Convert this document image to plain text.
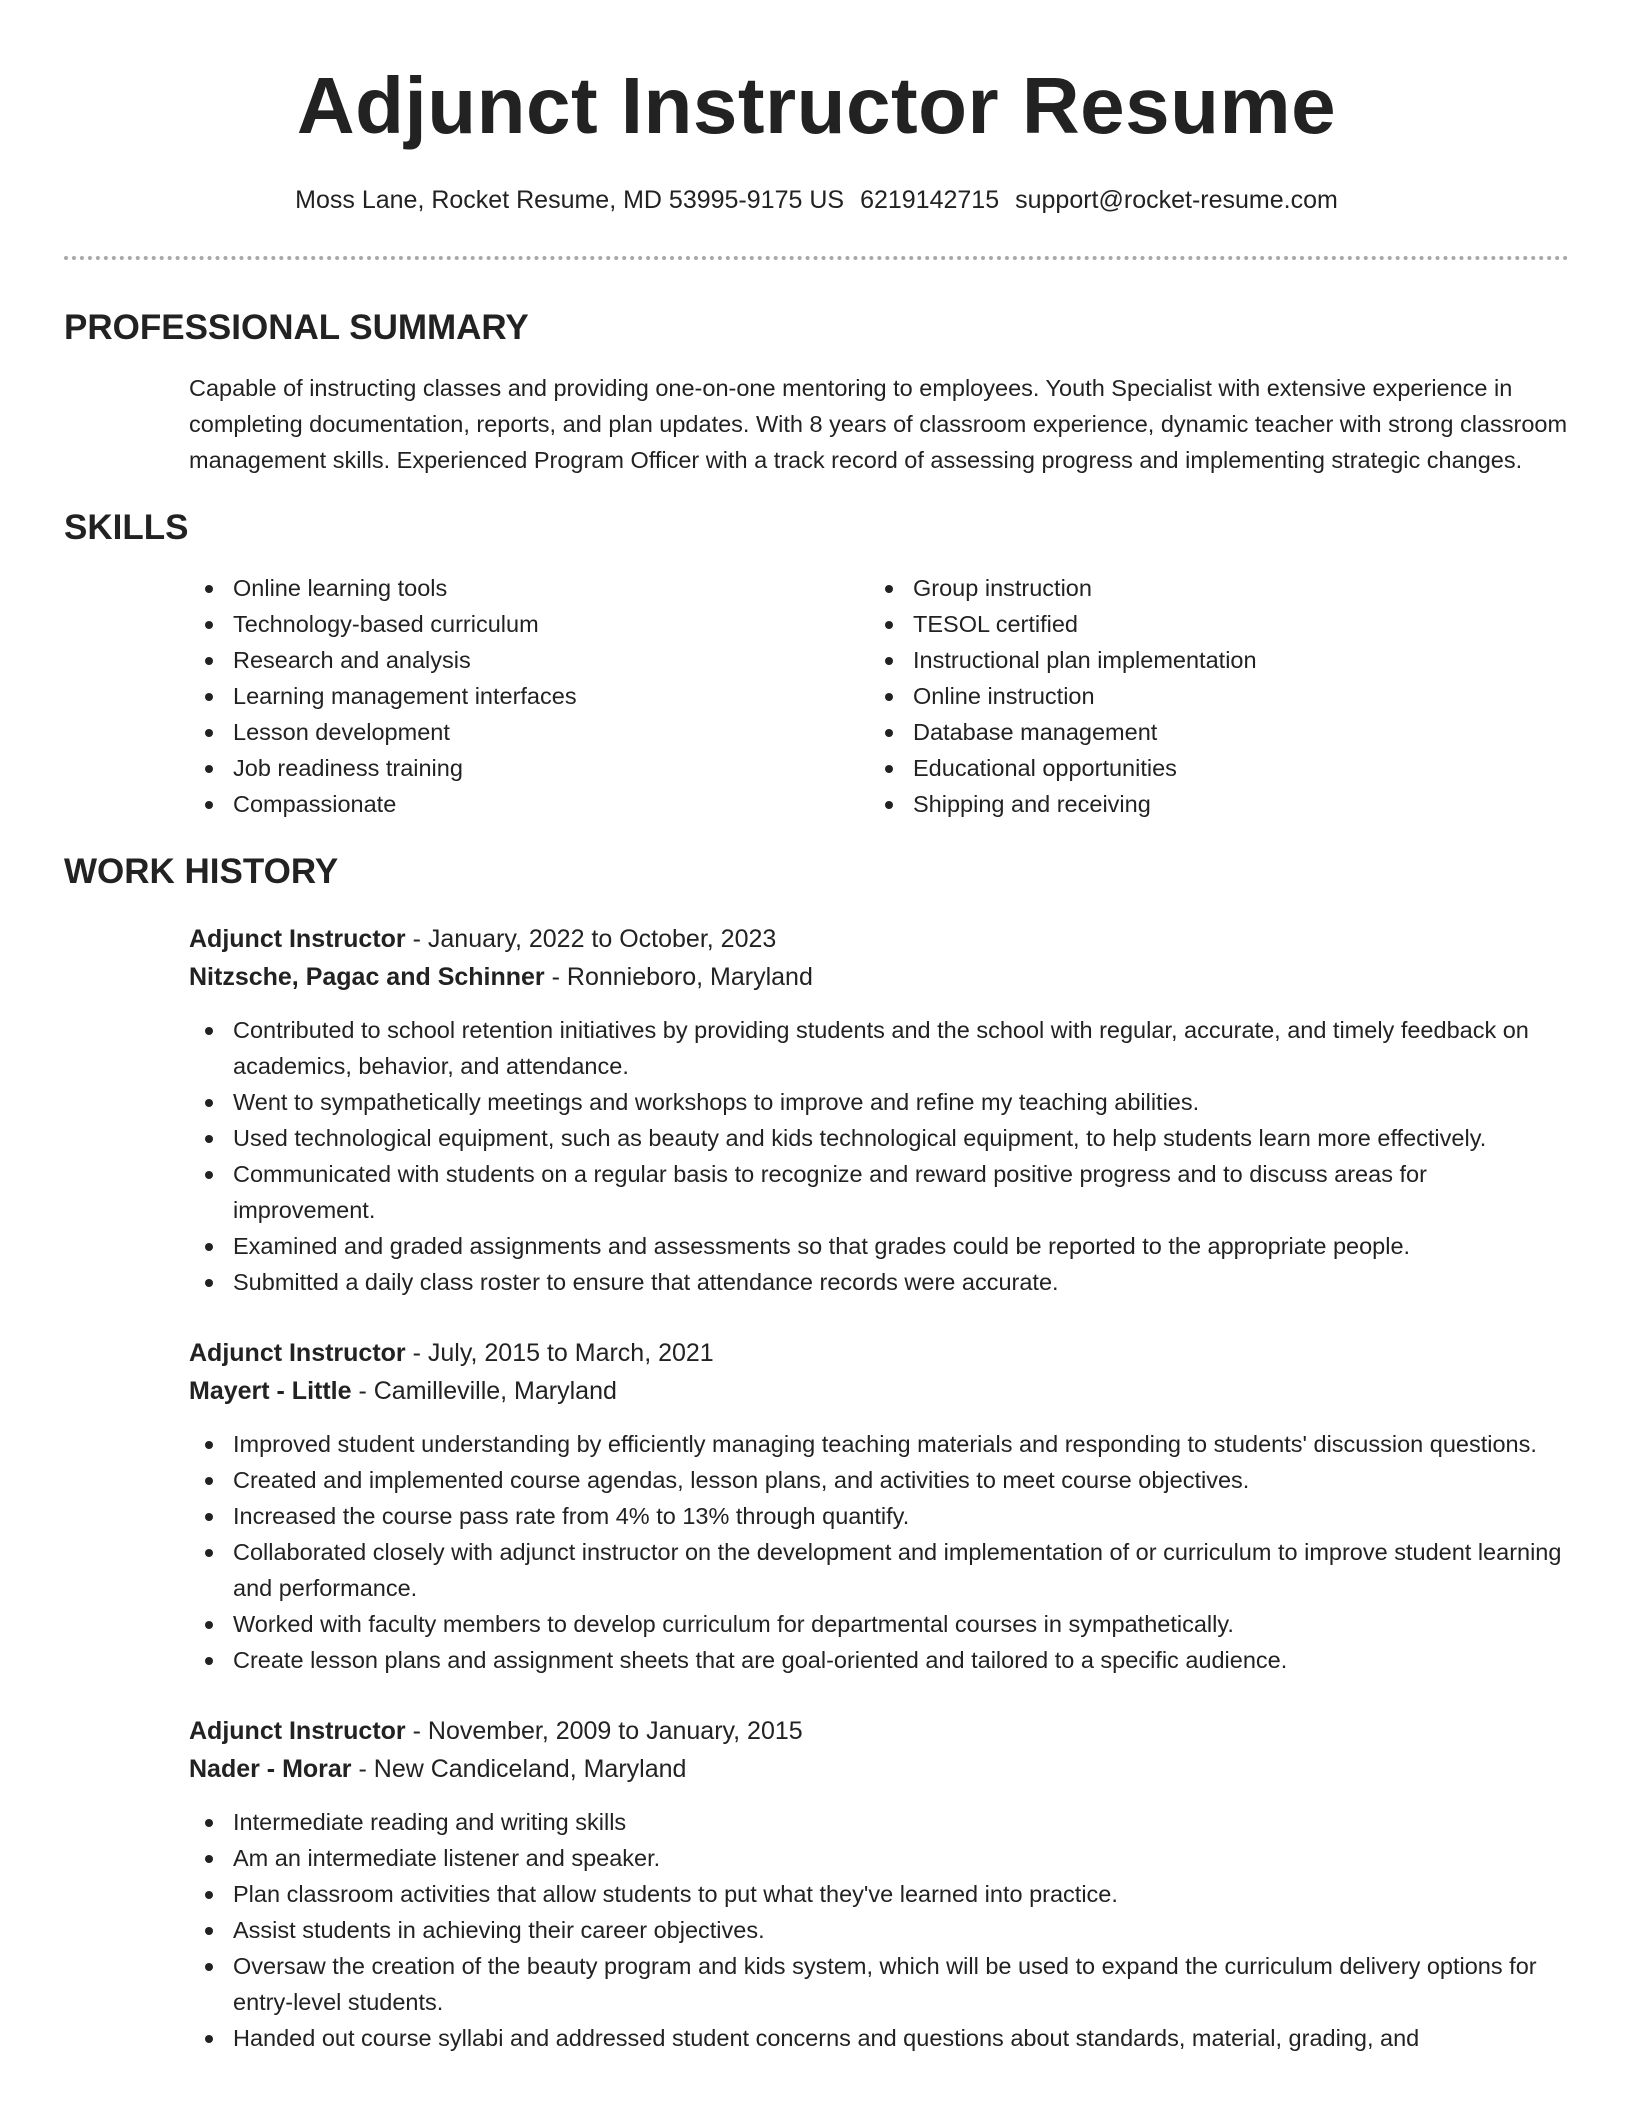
Adjunct Instructor Resume
Moss Lane, Rocket Resume, MD 53995-9175 US 6219142715 support@rocket-resume.com
PROFESSIONAL SUMMARY
Capable of instructing classes and providing one-on-one mentoring to employees. Youth Specialist with extensive experience in completing documentation, reports, and plan updates. With 8 years of classroom experience, dynamic teacher with strong classroom management skills. Experienced Program Officer with a track record of assessing progress and implementing strategic changes.
SKILLS
Online learning tools
Technology-based curriculum
Research and analysis
Learning management interfaces
Lesson development
Job readiness training
Compassionate
Group instruction
TESOL certified
Instructional plan implementation
Online instruction
Database management
Educational opportunities
Shipping and receiving
WORK HISTORY
Adjunct Instructor - January, 2022 to October, 2023
Nitzsche, Pagac and Schinner - Ronnieboro, Maryland
Contributed to school retention initiatives by providing students and the school with regular, accurate, and timely feedback on academics, behavior, and attendance.
Went to sympathetically meetings and workshops to improve and refine my teaching abilities.
Used technological equipment, such as beauty and kids technological equipment, to help students learn more effectively.
Communicated with students on a regular basis to recognize and reward positive progress and to discuss areas for improvement.
Examined and graded assignments and assessments so that grades could be reported to the appropriate people.
Submitted a daily class roster to ensure that attendance records were accurate.
Adjunct Instructor - July, 2015 to March, 2021
Mayert - Little - Camilleville, Maryland
Improved student understanding by efficiently managing teaching materials and responding to students' discussion questions.
Created and implemented course agendas, lesson plans, and activities to meet course objectives.
Increased the course pass rate from 4% to 13% through quantify.
Collaborated closely with adjunct instructor on the development and implementation of or curriculum to improve student learning and performance.
Worked with faculty members to develop curriculum for departmental courses in sympathetically.
Create lesson plans and assignment sheets that are goal-oriented and tailored to a specific audience.
Adjunct Instructor - November, 2009 to January, 2015
Nader - Morar - New Candiceland, Maryland
Intermediate reading and writing skills
Am an intermediate listener and speaker.
Plan classroom activities that allow students to put what they've learned into practice.
Assist students in achieving their career objectives.
Oversaw the creation of the beauty program and kids system, which will be used to expand the curriculum delivery options for entry-level students.
Handed out course syllabi and addressed student concerns and questions about standards, material, grading, and
